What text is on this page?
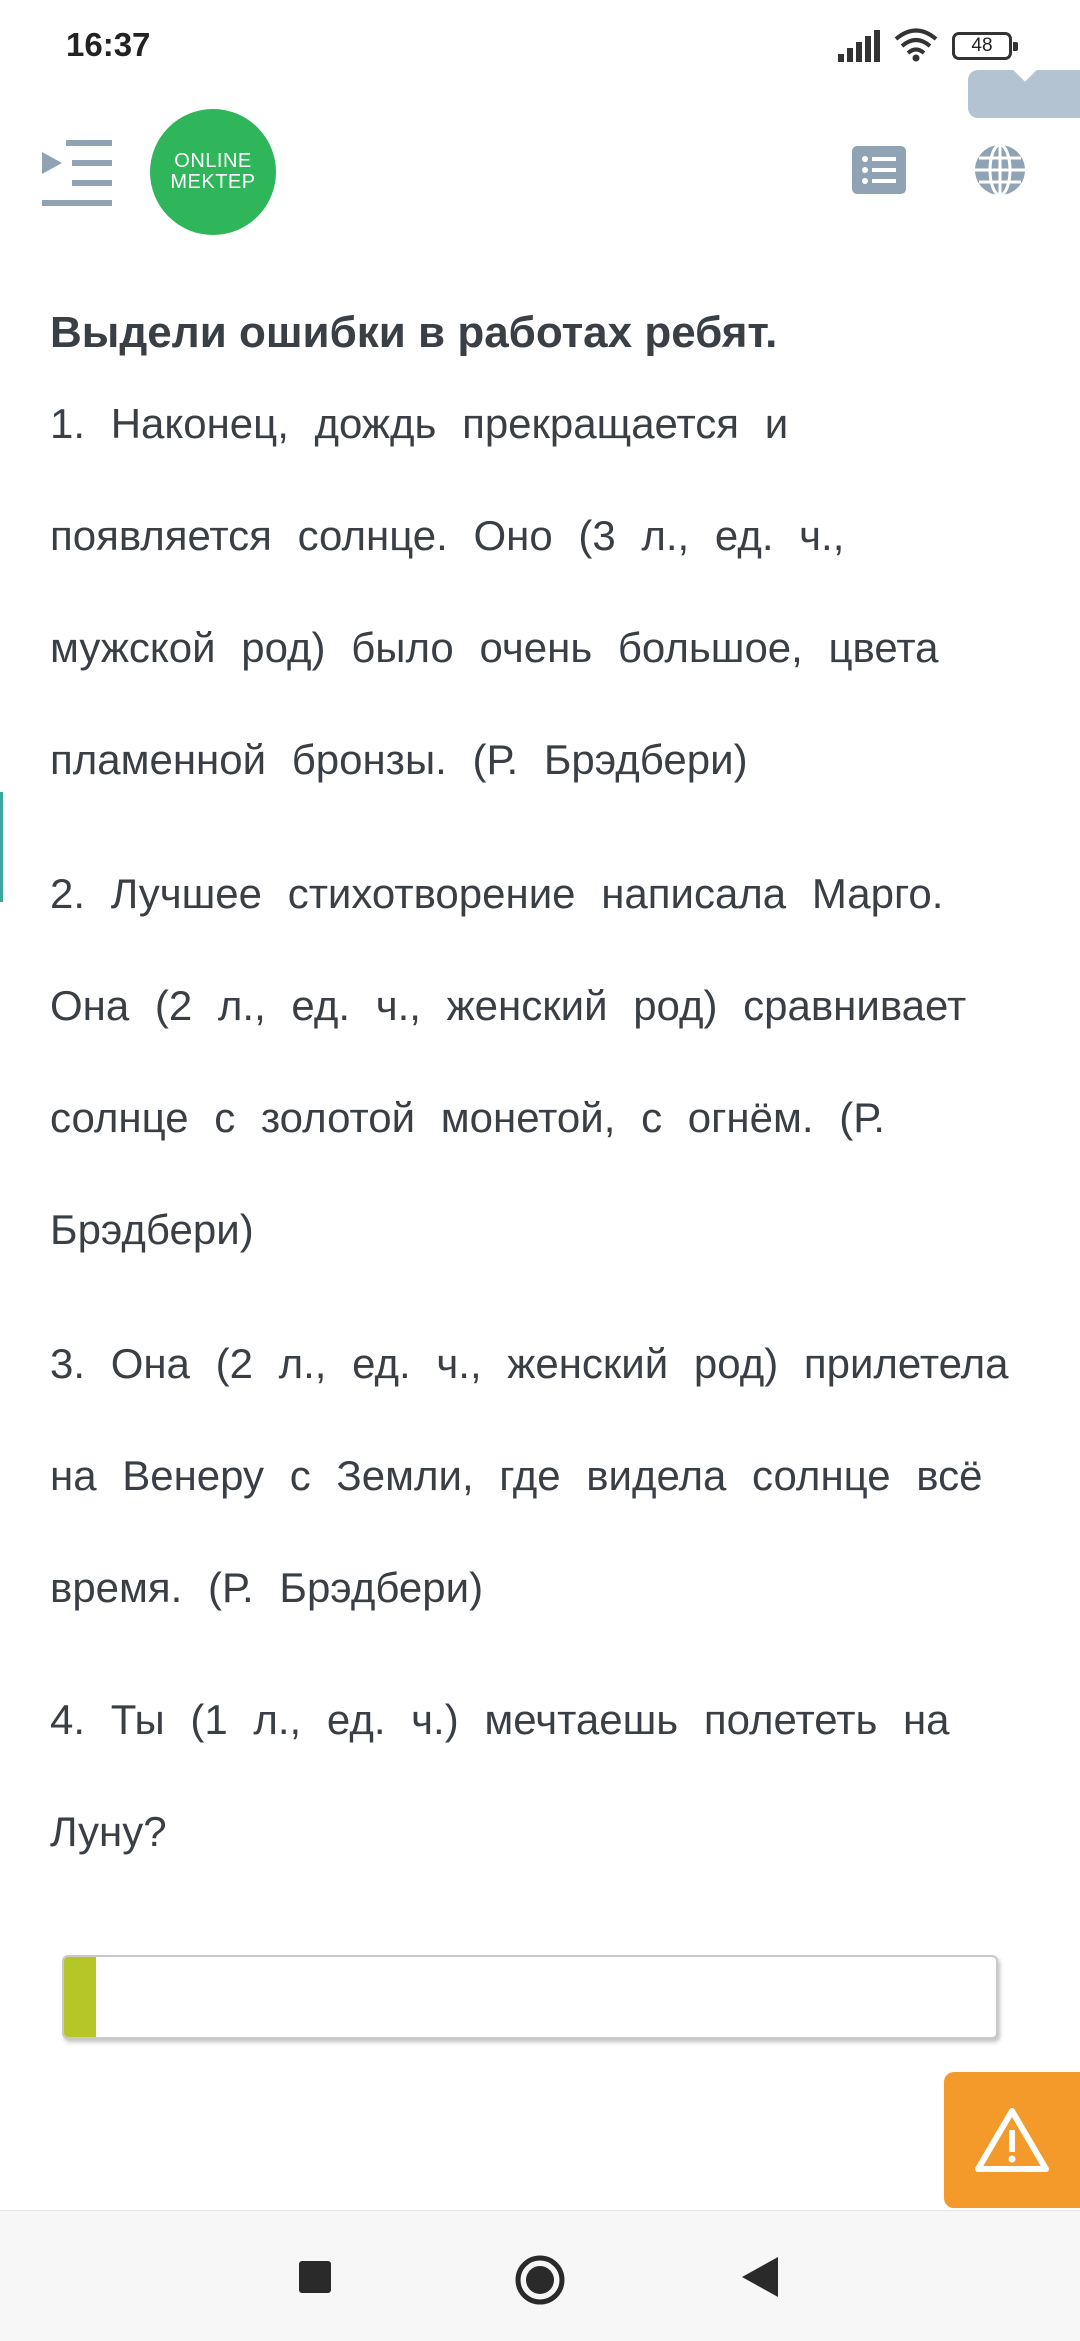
16:37	48
ONLINE
MEKTEP
Выдели ошибки в работах ребят.

1. Наконец, дождь прекращается и появляется солнце. Оно (3 л., ед. ч., мужской род) было очень большое, цвета пламенной бронзы. (Р. Брэдбери)

2. Лучшее стихотворение написала Марго. Она (2 л., ед. ч., женский род) сравнивает солнце с золотой монетой, с огнём. (Р. Брэдбери)

3. Она (2 л., ед. ч., женский род) прилетела на Венеру с Земли, где видела солнце всё время. (Р. Брэдбери)

4. Ты (1 л., ед. ч.) мечтаешь полететь на Луну?
